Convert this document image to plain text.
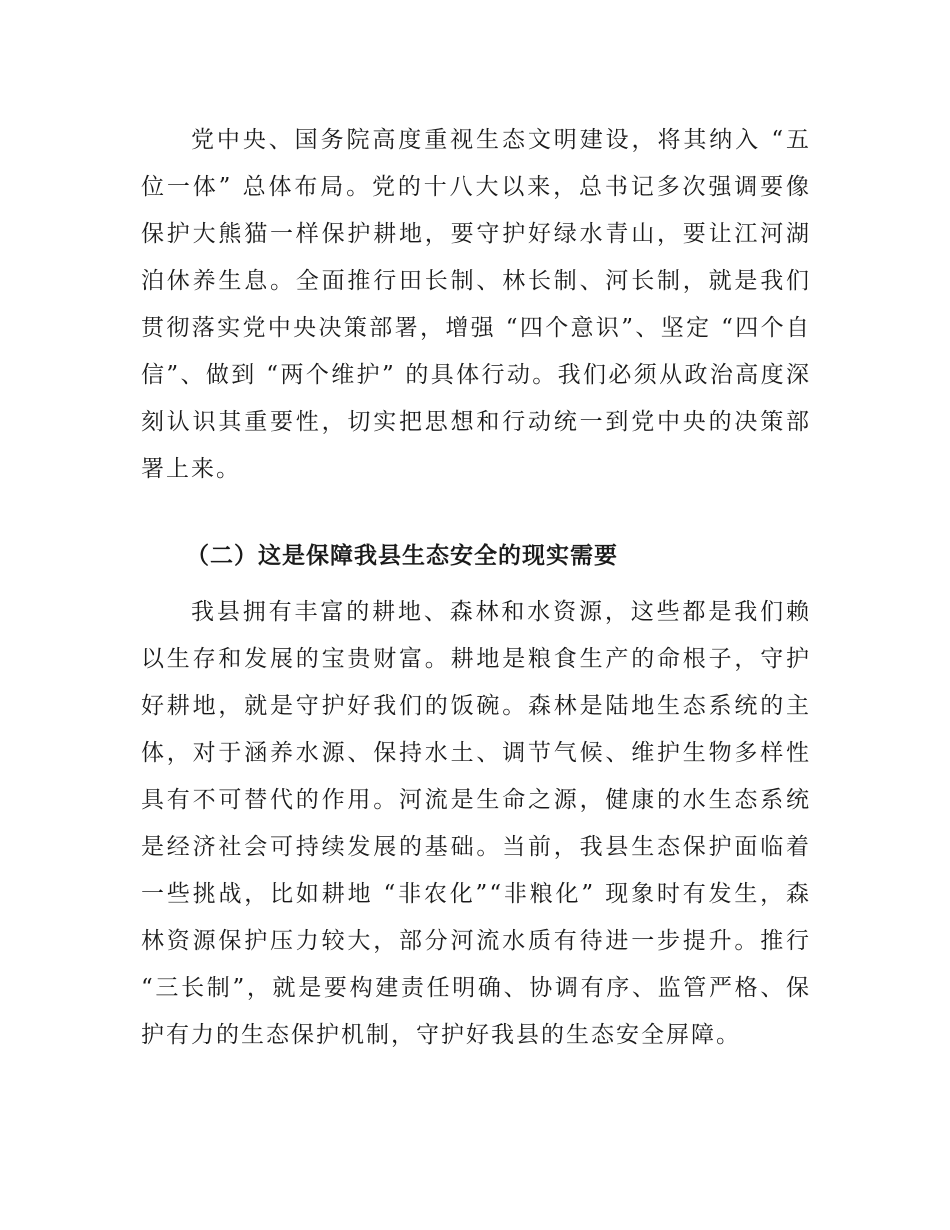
党中央、国务院高度重视生态文明建设，将其纳入 “五位一体” 总体布局。党的十八大以来，总书记多次强调要像保护大熊猫一样保护耕地，要守护好绿水青山，要让江河湖泊休养生息。全面推行田长制、林长制、河长制，就是我们贯彻落实党中央决策部署，增强 “四个意识”、坚定 “四个自信”、做到 “两个维护” 的具体行动。我们必须从政治高度深刻认识其重要性，切实把思想和行动统一到党中央的决策部署上来。

（二）这是保障我县生态安全的现实需要

我县拥有丰富的耕地、森林和水资源，这些都是我们赖以生存和发展的宝贵财富。耕地是粮食生产的命根子，守护好耕地，就是守护好我们的饭碗。森林是陆地生态系统的主体，对于涵养水源、保持水土、调节气候、维护生物多样性具有不可替代的作用。河流是生命之源，健康的水生态系统是经济社会可持续发展的基础。当前，我县生态保护面临着一些挑战，比如耕地 “非农化”“非粮化” 现象时有发生，森林资源保护压力较大，部分河流水质有待进一步提升。推行 “三长制”，就是要构建责任明确、协调有序、监管严格、保护有力的生态保护机制，守护好我县的生态安全屏障。
